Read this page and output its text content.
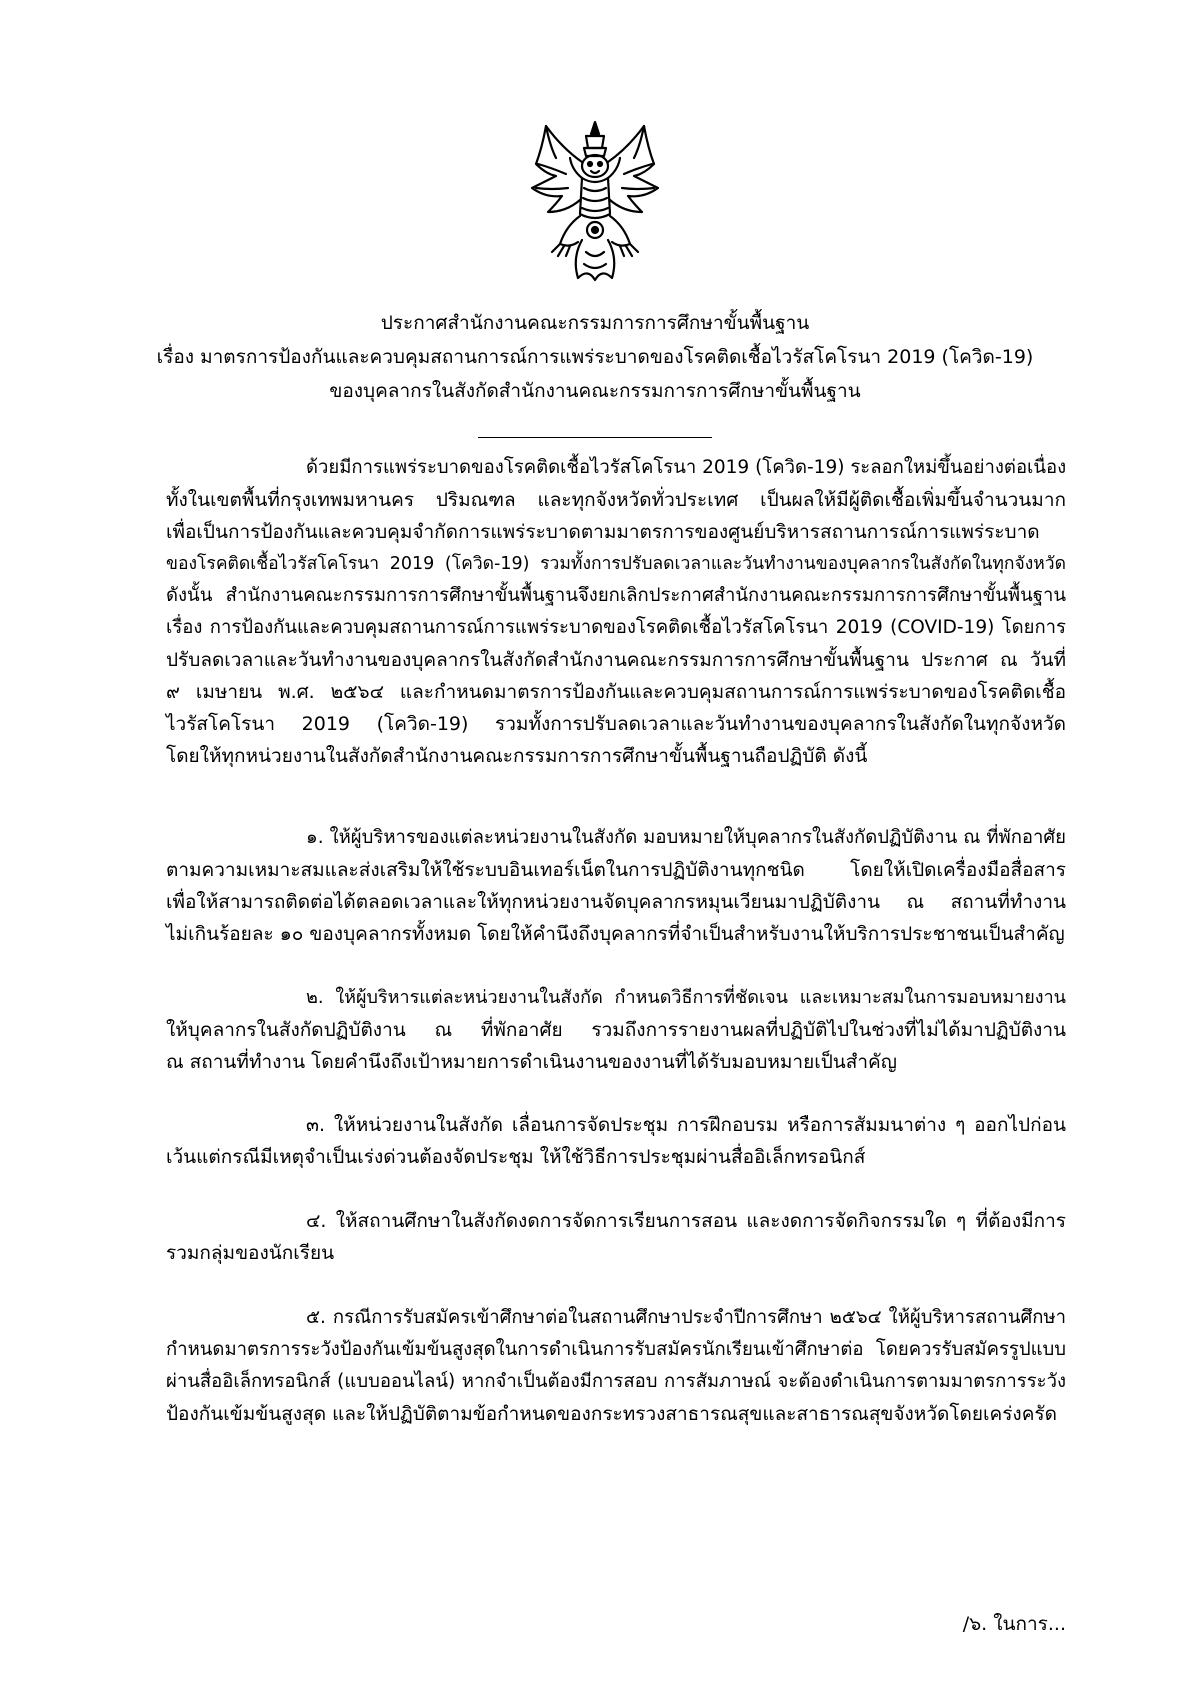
ประกาศสำนักงานคณะกรรมการการศึกษาขั้นพื้นฐาน
เรื่อง มาตรการป้องกันและควบคุมสถานการณ์การแพร่ระบาดของโรคติดเชื้อไวรัสโคโรนา 2019 (โควิด-19)
ของบุคลากรในสังกัดสำนักงานคณะกรรมการการศึกษาขั้นพื้นฐาน
ด้วยมีการแพร่ระบาดของโรคติดเชื้อไวรัสโคโรนา 2019 (โควิด-19) ระลอกใหม่ขึ้นอย่างต่อเนื่อง
ทั้งในเขตพื้นที่กรุงเทพมหานคร ปริมณฑล และทุกจังหวัดทั่วประเทศ เป็นผลให้มีผู้ติดเชื้อเพิ่มขึ้นจำนวนมาก
เพื่อเป็นการป้องกันและควบคุมจำกัดการแพร่ระบาดตามมาตรการของศูนย์บริหารสถานการณ์การแพร่ระบาด
ของโรคติดเชื้อไวรัสโคโรนา 2019 (โควิด-19) รวมทั้งการปรับลดเวลาและวันทำงานของบุคลากรในสังกัดในทุกจังหวัด
ดังนั้น สำนักงานคณะกรรมการการศึกษาขั้นพื้นฐานจึงยกเลิกประกาศสำนักงานคณะกรรมการการศึกษาขั้นพื้นฐาน
เรื่อง การป้องกันและควบคุมสถานการณ์การแพร่ระบาดของโรคติดเชื้อไวรัสโคโรนา 2019 (COVID-19) โดยการ
ปรับลดเวลาและวันทำงานของบุคลากรในสังกัดสำนักงานคณะกรรมการการศึกษาขั้นพื้นฐาน ประกาศ ณ วันที่
๙ เมษายน พ.ศ. ๒๕๖๔ และกำหนดมาตรการป้องกันและควบคุมสถานการณ์การแพร่ระบาดของโรคติดเชื้อ
ไวรัสโคโรนา 2019 (โควิด-19) รวมทั้งการปรับลดเวลาและวันทำงานของบุคลากรในสังกัดในทุกจังหวัด
โดยให้ทุกหน่วยงานในสังกัดสำนักงานคณะกรรมการการศึกษาขั้นพื้นฐานถือปฏิบัติ ดังนี้
๑. ให้ผู้บริหารของแต่ละหน่วยงานในสังกัด มอบหมายให้บุคลากรในสังกัดปฏิบัติงาน ณ ที่พักอาศัย
ตามความเหมาะสมและส่งเสริมให้ใช้ระบบอินเทอร์เน็ตในการปฏิบัติงานทุกชนิด โดยให้เปิดเครื่องมือสื่อสาร
เพื่อให้สามารถติดต่อได้ตลอดเวลาและให้ทุกหน่วยงานจัดบุคลากรหมุนเวียนมาปฏิบัติงาน ณ สถานที่ทำงาน
ไม่เกินร้อยละ ๑๐ ของบุคลากรทั้งหมด โดยให้คำนึงถึงบุคลากรที่จำเป็นสำหรับงานให้บริการประชาชนเป็นสำคัญ
๒. ให้ผู้บริหารแต่ละหน่วยงานในสังกัด กำหนดวิธีการที่ชัดเจน และเหมาะสมในการมอบหมายงาน
ให้บุคลากรในสังกัดปฏิบัติงาน ณ ที่พักอาศัย รวมถึงการรายงานผลที่ปฏิบัติไปในช่วงที่ไม่ได้มาปฏิบัติงาน
ณ สถานที่ทำงาน โดยคำนึงถึงเป้าหมายการดำเนินงานของงานที่ได้รับมอบหมายเป็นสำคัญ
๓. ให้หน่วยงานในสังกัด เลื่อนการจัดประชุม การฝึกอบรม หรือการสัมมนาต่าง ๆ ออกไปก่อน
เว้นแต่กรณีมีเหตุจำเป็นเร่งด่วนต้องจัดประชุม ให้ใช้วิธีการประชุมผ่านสื่ออิเล็กทรอนิกส์
๔. ให้สถานศึกษาในสังกัดงดการจัดการเรียนการสอน และงดการจัดกิจกรรมใด ๆ ที่ต้องมีการ
รวมกลุ่มของนักเรียน
๕. กรณีการรับสมัครเข้าศึกษาต่อในสถานศึกษาประจำปีการศึกษา ๒๕๖๔ ให้ผู้บริหารสถานศึกษา
กำหนดมาตรการระวังป้องกันเข้มข้นสูงสุดในการดำเนินการรับสมัครนักเรียนเข้าศึกษาต่อ โดยควรรับสมัครรูปแบบ
ผ่านสื่ออิเล็กทรอนิกส์ (แบบออนไลน์) หากจำเป็นต้องมีการสอบ การสัมภาษณ์ จะต้องดำเนินการตามมาตรการระวัง
ป้องกันเข้มข้นสูงสุด และให้ปฏิบัติตามข้อกำหนดของกระทรวงสาธารณสุขและสาธารณสุขจังหวัดโดยเคร่งครัด
/๖. ในการ...
